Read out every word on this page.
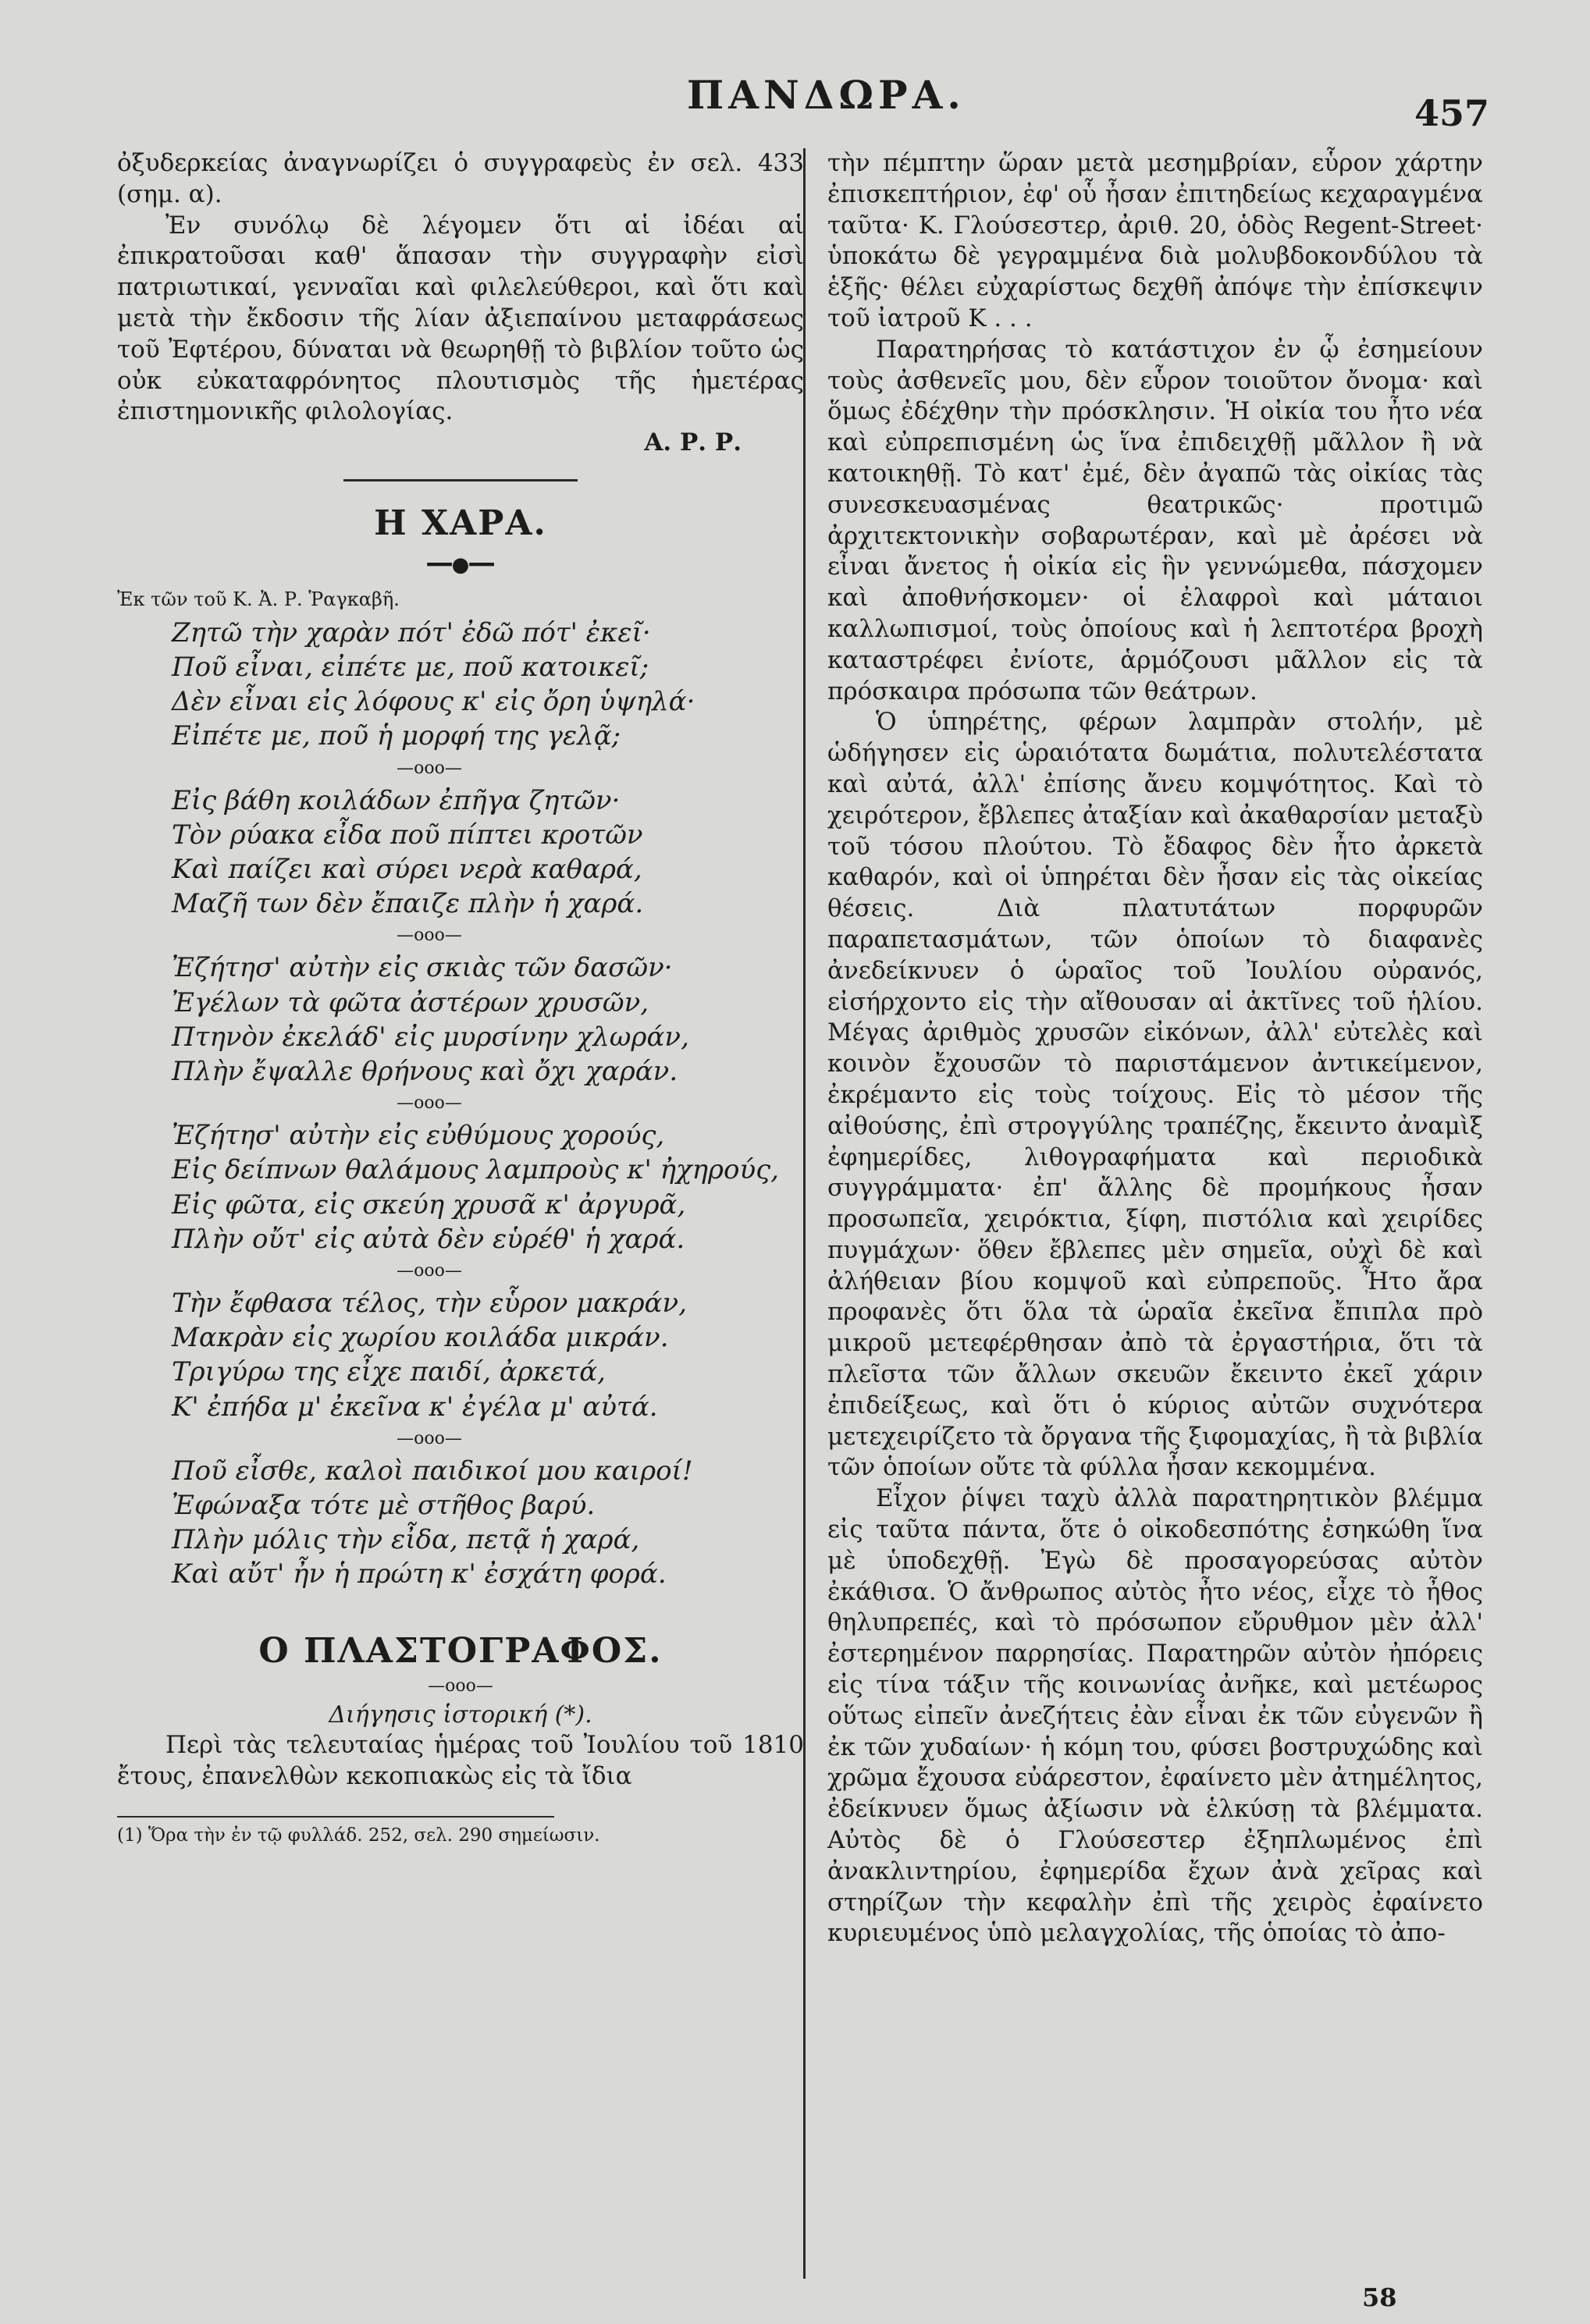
ΠΑΝΔΩΡΑ.	457

ὀξυδερκείας ἀναγνωρίζει ὁ συγγραφεὺς ἐν σελ. 433 (σημ. α).

Ἐν συνόλῳ δὲ λέγομεν ὅτι αἱ ἰδέαι αἱ ἐπικρατοῦσαι καθ' ἅπασαν τὴν συγγραφὴν εἰσὶ πατριωτικαί, γενναῖαι καὶ φιλελεύθεροι, καὶ ὅτι καὶ μετὰ τὴν ἔκδοσιν τῆς λίαν ἀξιεπαίνου μεταφράσεως τοῦ Ἐφτέρου, δύναται νὰ θεωρηθῇ τὸ βιβλίον τοῦτο ὡς οὐκ εὐκαταφρόνητος πλουτισμὸς τῆς ἡμετέρας ἐπιστημονικῆς φιλολογίας.

Α. Ρ. Ρ.

Η ΧΑΡΑ.

━━●━━

Ἐκ τῶν τοῦ Κ. Ἀ. Ρ. Ῥαγκαβῆ.

Ζητῶ τὴν χαρὰν πότ' ἐδῶ πότ' ἐκεῖ·
Ποῦ εἶναι, εἰπέτε με, ποῦ κατοικεῖ;
Δὲν εἶναι εἰς λόφους κ' εἰς ὄρη ὑψηλά·
Εἰπέτε με, ποῦ ἡ μορφή της γελᾷ;
—ooo—
Εἰς βάθη κοιλάδων ἐπῆγα ζητῶν·
Τὸν ρύακα εἶδα ποῦ πίπτει κροτῶν
Καὶ παίζει καὶ σύρει νερὰ καθαρά,
Μαζῆ των δὲν ἔπαιζε πλὴν ἡ χαρά.
—ooo—
Ἐζήτησ' αὐτὴν εἰς σκιὰς τῶν δασῶν·
Ἐγέλων τὰ φῶτα ἀστέρων χρυσῶν,
Πτηνὸν ἐκελάδ' εἰς μυρσίνην χλωράν,
Πλὴν ἔψαλλε θρήνους καὶ ὄχι χαράν.
—ooo—
Ἐζήτησ' αὐτὴν εἰς εὐθύμους χορούς,
Εἰς δείπνων θαλάμους λαμπροὺς κ' ἠχηρούς,
Εἰς φῶτα, εἰς σκεύη χρυσᾶ κ' ἀργυρᾶ,
Πλὴν οὔτ' εἰς αὐτὰ δὲν εὑρέθ' ἡ χαρά.
—ooo—
Τὴν ἔφθασα τέλος, τὴν εὗρον μακράν,
Μακρὰν εἰς χωρίου κοιλάδα μικράν.
Τριγύρω της εἶχε παιδί, ἀρκετά,
Κ' ἐπήδα μ' ἐκεῖνα κ' ἐγέλα μ' αὐτά.
—ooo—
Ποῦ εἶσθε, καλοὶ παιδικοί μου καιροί!
Ἐφώναξα τότε μὲ στῆθος βαρύ.
Πλὴν μόλις τὴν εἶδα, πετᾷ ἡ χαρά,
Καὶ αὔτ' ἦν ἡ πρώτη κ' ἐσχάτη φορά.

Ο ΠΛΑΣΤΟΓΡΑΦΟΣ.

—ooo—

Διήγησις ἱστορική (*).

Περὶ τὰς τελευταίας ἡμέρας τοῦ Ἰουλίου τοῦ 1810 ἔτους, ἐπανελθὼν κεκοπιακὼς εἰς τὰ ἴδια

(1) Ὅρα τὴν ἐν τῷ φυλλάδ. 252, σελ. 290 σημείωσιν.

τὴν πέμπτην ὥραν μετὰ μεσημβρίαν, εὗρον χάρτην ἐπισκεπτήριον, ἐφ' οὗ ἦσαν ἐπιτηδείως κεχαραγμένα ταῦτα· Κ. Γλούσεστερ, ἀριθ. 20, ὁδὸς Regent-Street· ὑποκάτω δὲ γεγραμμένα διὰ μολυβδοκονδύλου τὰ ἑξῆς· θέλει εὐχαρίστως δεχθῆ ἀπόψε τὴν ἐπίσκεψιν τοῦ ἰατροῦ Κ . . .

Παρατηρήσας τὸ κατάστιχον ἐν ᾧ ἐσημείουν τοὺς ἀσθενεῖς μου, δὲν εὗρον τοιοῦτον ὄνομα· καὶ ὅμως ἐδέχθην τὴν πρόσκλησιν. Ἡ οἰκία του ἦτο νέα καὶ εὐπρεπισμένη ὡς ἵνα ἐπιδειχθῇ μᾶλλον ἢ νὰ κατοικηθῇ. Τὸ κατ' ἐμέ, δὲν ἀγαπῶ τὰς οἰκίας τὰς συνεσκευασμένας θεατρικῶς· προτιμῶ ἀρχιτεκτονικὴν σοβαρωτέραν, καὶ μὲ ἀρέσει νὰ εἶναι ἄνετος ἡ οἰκία εἰς ἣν γεννώμεθα, πάσχομεν καὶ ἀποθνήσκομεν· οἱ ἐλαφροὶ καὶ μάταιοι καλλωπισμοί, τοὺς ὁποίους καὶ ἡ λεπτοτέρα βροχὴ καταστρέφει ἐνίοτε, ἁρμόζουσι μᾶλλον εἰς τὰ πρόσκαιρα πρόσωπα τῶν θεάτρων.

Ὁ ὑπηρέτης, φέρων λαμπρὰν στολήν, μὲ ὡδήγησεν εἰς ὡραιότατα δωμάτια, πολυτελέστατα καὶ αὐτά, ἀλλ' ἐπίσης ἄνευ κομψότητος. Καὶ τὸ χειρότερον, ἔβλεπες ἀταξίαν καὶ ἀκαθαρσίαν μεταξὺ τοῦ τόσου πλούτου. Τὸ ἔδαφος δὲν ἦτο ἀρκετὰ καθαρόν, καὶ οἱ ὑπηρέται δὲν ἦσαν εἰς τὰς οἰκείας θέσεις. Διὰ πλατυτάτων πορφυρῶν παραπετασμάτων, τῶν ὁποίων τὸ διαφανὲς ἀνεδείκνυεν ὁ ὡραῖος τοῦ Ἰουλίου οὐρανός, εἰσήρχοντο εἰς τὴν αἴθουσαν αἱ ἀκτῖνες τοῦ ἡλίου. Μέγας ἀριθμὸς χρυσῶν εἰκόνων, ἀλλ' εὐτελὲς καὶ κοινὸν ἔχουσῶν τὸ παριστάμενον ἀντικείμενον, ἐκρέμαντο εἰς τοὺς τοίχους. Εἰς τὸ μέσον τῆς αἰθούσης, ἐπὶ στρογγύλης τραπέζης, ἔκειντο ἀναμὶξ ἐφημερίδες, λιθογραφήματα καὶ περιοδικὰ συγγράμματα· ἐπ' ἄλλης δὲ προμήκους ἦσαν προσωπεῖα, χειρόκτια, ξίφη, πιστόλια καὶ χειρίδες πυγμάχων· ὅθεν ἔβλεπες μὲν σημεῖα, οὐχὶ δὲ καὶ ἀλήθειαν βίου κομψοῦ καὶ εὐπρεποῦς. Ἦτο ἄρα προφανὲς ὅτι ὅλα τὰ ὡραῖα ἐκεῖνα ἔπιπλα πρὸ μικροῦ μετεφέρθησαν ἀπὸ τὰ ἐργαστήρια, ὅτι τὰ πλεῖστα τῶν ἄλλων σκευῶν ἔκειντο ἐκεῖ χάριν ἐπιδείξεως, καὶ ὅτι ὁ κύριος αὐτῶν συχνότερα μετεχειρίζετο τὰ ὄργανα τῆς ξιφομαχίας, ἢ τὰ βιβλία τῶν ὁποίων οὔτε τὰ φύλλα ἦσαν κεκομμένα.

Εἶχον ῥίψει ταχὺ ἀλλὰ παρατηρητικὸν βλέμμα εἰς ταῦτα πάντα, ὅτε ὁ οἰκοδεσπότης ἐσηκώθη ἵνα μὲ ὑποδεχθῇ. Ἐγὼ δὲ προσαγορεύσας αὐτὸν ἐκάθισα. Ὁ ἄνθρωπος αὐτὸς ἦτο νέος, εἶχε τὸ ἦθος θηλυπρεπές, καὶ τὸ πρόσωπον εὔρυθμον μὲν ἀλλ' ἐστερημένον παρρησίας. Παρατηρῶν αὐτὸν ἠπόρεις εἰς τίνα τάξιν τῆς κοινωνίας ἀνῆκε, καὶ μετέωρος οὕτως εἰπεῖν ἀνεζήτεις ἐὰν εἶναι ἐκ τῶν εὐγενῶν ἢ ἐκ τῶν χυδαίων· ἡ κόμη του, φύσει βοστρυχώδης καὶ χρῶμα ἔχουσα εὐάρεστον, ἐφαίνετο μὲν ἀτημέλητος, ἐδείκνυεν ὅμως ἀξίωσιν νὰ ἑλκύσῃ τὰ βλέμματα. Αὐτὸς δὲ ὁ Γλούσεστερ ἐξηπλωμένος ἐπὶ ἀνακλιντηρίου, ἐφημερίδα ἔχων ἀνὰ χεῖρας καὶ στηρίζων τὴν κεφαλὴν ἐπὶ τῆς χειρὸς ἐφαίνετο κυριευμένος ὑπὸ μελαγχολίας, τῆς ὁποίας τὸ ἀπο-

58
